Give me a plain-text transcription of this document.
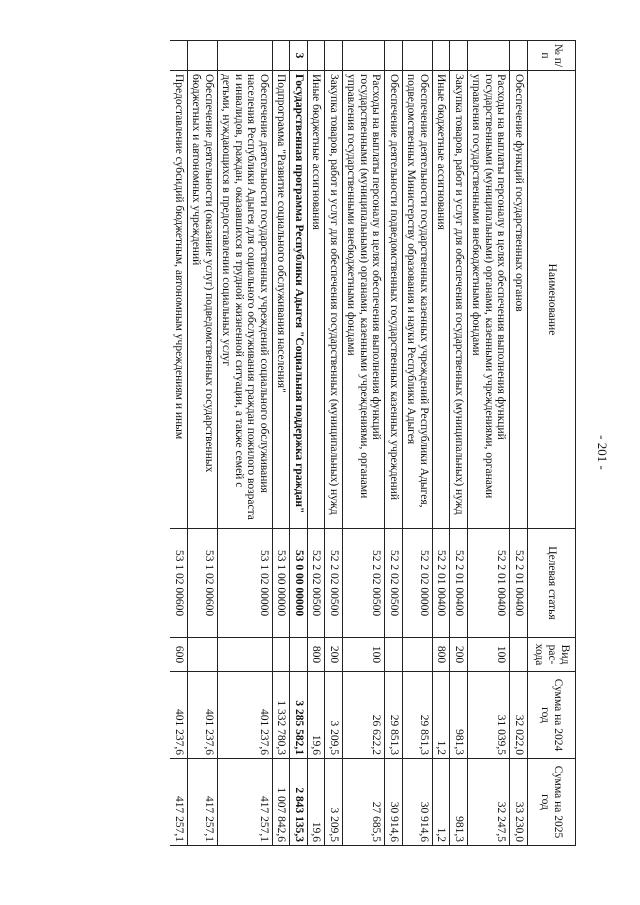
- 201 -
№ п/п	Наименование	Целевая статья	Вид рас-хода	Сумма на 2024 год	Сумма на 2025 год
	Обеспечение функций государственных органов	52 2 01 00400		32 022,0	33 230,0
	Расходы на выплаты персоналу в целях обеспечения выполнения функций государственными (муниципальными) органами, казенными учреждениями, органами управления государственными внебюджетными фондами	52 2 01 00400	100	31 039,5	32 247,5
	Закупка товаров, работ и услуг для обеспечения государственных (муниципальных) нужд	52 2 01 00400	200	981,3	981,3
	Иные бюджетные ассигнования	52 2 01 00400	800	1,2	1,2
	Обеспечение деятельности государственных казенных учреждений Республики Адыгея, подведомственных Министерству образования и науки Республики Адыгея	52 2 02 00000		29 851,3	30 914,6
	Обеспечение деятельности подведомственных государственных казенных учреждений	52 2 02 00500		29 851,3	30 914,6
	Расходы на выплаты персоналу в целях обеспечения выполнения функций государственными (муниципальными) органами, казенными учреждениями, органами управления государственными внебюджетными фондами	52 2 02 00500	100	26 622,2	27 685,5
	Закупка товаров, работ и услуг для обеспечения государственных (муниципальных) нужд	52 2 02 00500	200	3 209,5	3 209,5
	Иные бюджетные ассигнования	52 2 02 00500	800	19,6	19,6
3	Государственная программа Республики Адыгея "Социальная поддержка граждан"	53 0 00 00000		3 285 582,1	2 843 135,3
	Подпрограмма "Развитие социального обслуживания населения"	53 1 00 00000		1 332 780,3	1 007 842,6
	Обеспечение деятельности государственных учреждений социального обслуживания населения Республики Адыгея для социального обслуживания граждан пожилого возраста и инвалидов, граждан, оказавшихся в трудной жизненной ситуации, а также семей с детьми, нуждающихся в предоставлении социальных услуг	53 1 02 00000		401 237,6	417 257,1
	Обеспечение деятельности (оказание услуг) подведомственных государственных бюджетных и автономных учреждений	53 1 02 00600		401 237,6	417 257,1
	Предоставление субсидий бюджетным, автономным учреждениям и иным	53 1 02 00600	600	401 237,6	417 257,1
